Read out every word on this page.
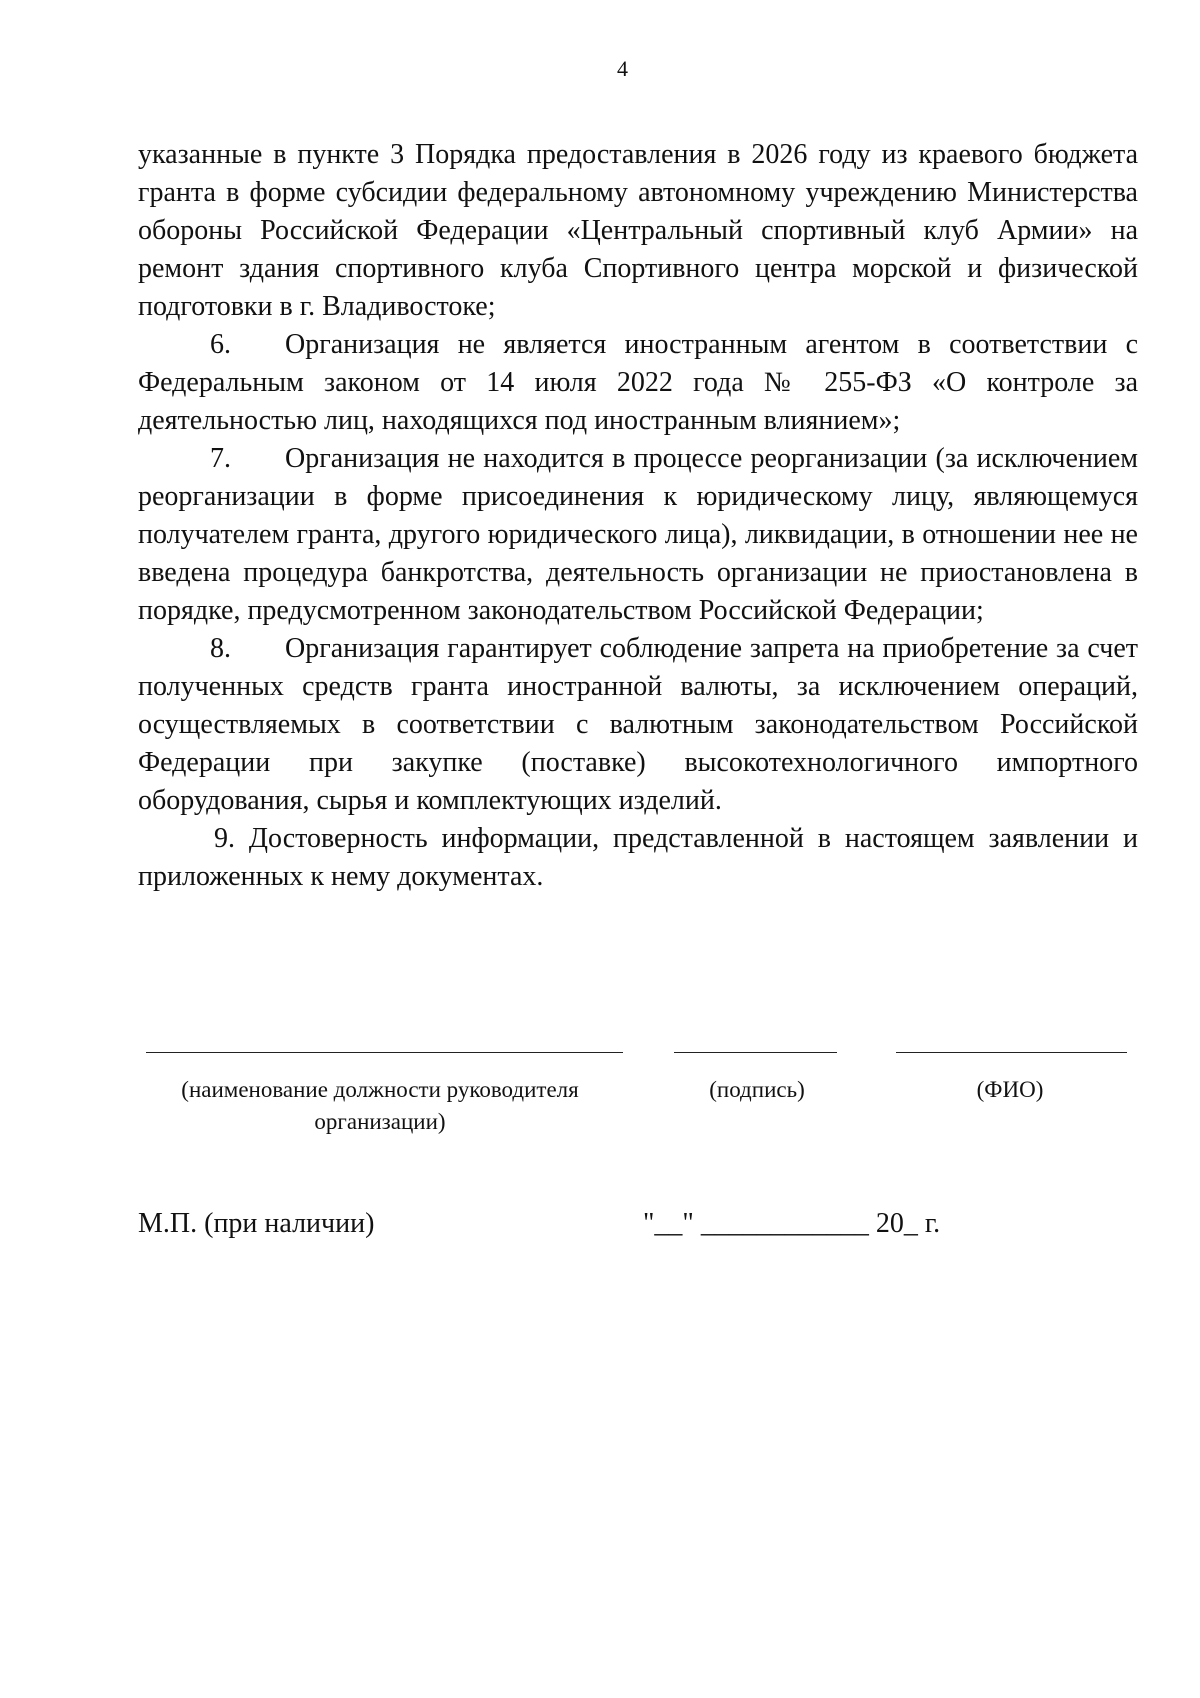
4

указанные в пункте 3 Порядка предоставления в 2026 году из краевого бюджета гранта в форме субсидии федеральному автономному учреждению Министерства обороны Российской Федерации «Центральный спортивный клуб Армии» на ремонт здания спортивного клуба Спортивного центра морской и физической подготовки в г. Владивостоке;

6. Организация не является иностранным агентом в соответствии с Федеральным законом от 14 июля 2022 года № 255-ФЗ «О контроле за деятельностью лиц, находящихся под иностранным влиянием»;

7. Организация не находится в процессе реорганизации (за исключением реорганизации в форме присоединения к юридическому лицу, являющемуся получателем гранта, другого юридического лица), ликвидации, в отношении нее не введена процедура банкротства, деятельность организации не приостановлена в порядке, предусмотренном законодательством Российской Федерации;

8. Организация гарантирует соблюдение запрета на приобретение за счет полученных средств гранта иностранной валюты, за исключением операций, осуществляемых в соответствии с валютным законодательством Российской Федерации при закупке (поставке) высокотехнологичного импортного оборудования, сырья и комплектующих изделий.

9. Достоверность информации, представленной в настоящем заявлении и приложенных к нему документах.

(наименование должности руководителя организации)
(подпись)	(ФИО)
М.П. (при наличии)	"__" ____________ 20_ г.
